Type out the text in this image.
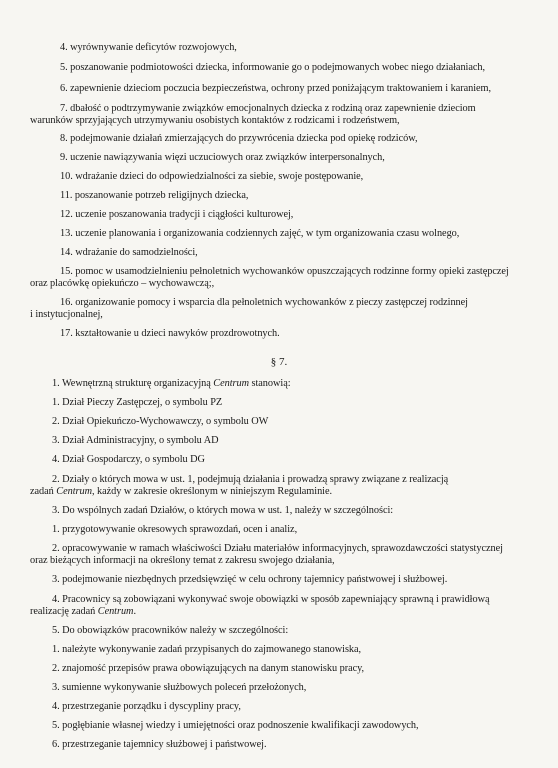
4. wyrównywanie deficytów rozwojowych,
5. poszanowanie podmiotowości dziecka, informowanie go o podejmowanych wobec niego działaniach,
6. zapewnienie dzieciom poczucia bezpieczeństwa, ochrony przed poniżającym traktowaniem i karaniem,
7. dbałość o podtrzymywanie związków emocjonalnych dziecka z rodziną oraz zapewnienie dzieciom
warunków sprzyjających utrzymywaniu osobistych kontaktów z rodzicami i rodzeństwem,
8. podejmowanie działań zmierzających do przywrócenia dziecka pod opiekę rodziców,
9. uczenie nawiązywania więzi uczuciowych oraz związków interpersonalnych,
10. wdrażanie dzieci do odpowiedzialności za siebie, swoje postępowanie,
11. poszanowanie potrzeb religijnych dziecka,
12. uczenie poszanowania tradycji i ciągłości kulturowej,
13. uczenie planowania i organizowania codziennych zajęć, w tym organizowania czasu wolnego,
14. wdrażanie do samodzielności,
15. pomoc w usamodzielnieniu pełnoletnich wychowanków opuszczających rodzinne formy opieki zastępczej
oraz placówkę opiekuńczo – wychowawczą;,
16. organizowanie pomocy i wsparcia dla pełnoletnich wychowanków z pieczy zastępczej rodzinnej
i instytucjonalnej,
17. kształtowanie u dzieci nawyków prozdrowotnych.
§ 7.
1. Wewnętrzną strukturę organizacyjną Centrum stanowią:
1. Dział Pieczy Zastępczej, o symbolu PZ
2. Dział Opiekuńczo-Wychowawczy, o symbolu OW
3. Dział Administracyjny, o symbolu AD
4. Dział Gospodarczy, o symbolu DG
2. Działy o których mowa w ust. 1, podejmują działania i prowadzą sprawy związane z realizacją
zadań Centrum, każdy w zakresie określonym w niniejszym Regulaminie.
3. Do wspólnych zadań Działów, o których mowa w ust. 1, należy w szczególności:
1. przygotowywanie okresowych sprawozdań, ocen i analiz,
2. opracowywanie w ramach właściwości Działu materiałów informacyjnych, sprawozdawczości statystycznej
oraz bieżących informacji na określony temat z zakresu swojego działania,
3. podejmowanie niezbędnych przedsięwzięć w celu ochrony tajemnicy państwowej i służbowej.
4. Pracownicy są zobowiązani wykonywać swoje obowiązki w sposób zapewniający sprawną i prawidłową
realizację zadań Centrum.
5. Do obowiązków pracowników należy w szczególności:
1. należyte wykonywanie zadań przypisanych do zajmowanego stanowiska,
2. znajomość przepisów prawa obowiązujących na danym stanowisku pracy,
3. sumienne wykonywanie służbowych poleceń przełożonych,
4. przestrzeganie porządku i dyscypliny pracy,
5. pogłębianie własnej wiedzy i umiejętności oraz podnoszenie kwalifikacji zawodowych,
6. przestrzeganie tajemnicy służbowej i państwowej.
